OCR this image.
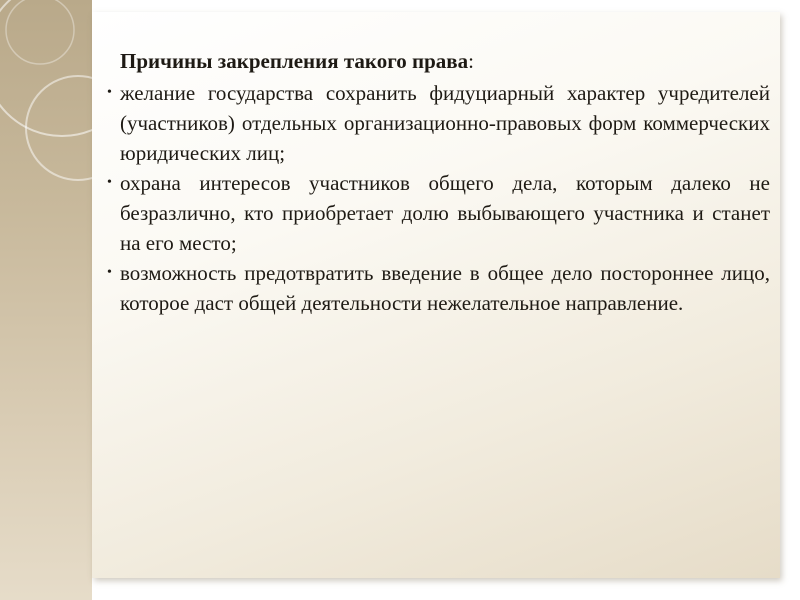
Причины закрепления такого права:

• желание государства сохранить фидуциарный характер учредителей (участников) отдельных организационно-правовых форм коммерческих юридических лиц;
• охрана интересов участников общего дела, которым далеко не безразлично, кто приобретает долю выбывающего участника и станет на его место;
• возможность предотвратить введение в общее дело постороннее лицо, которое даст общей деятельности нежелательное направление.
